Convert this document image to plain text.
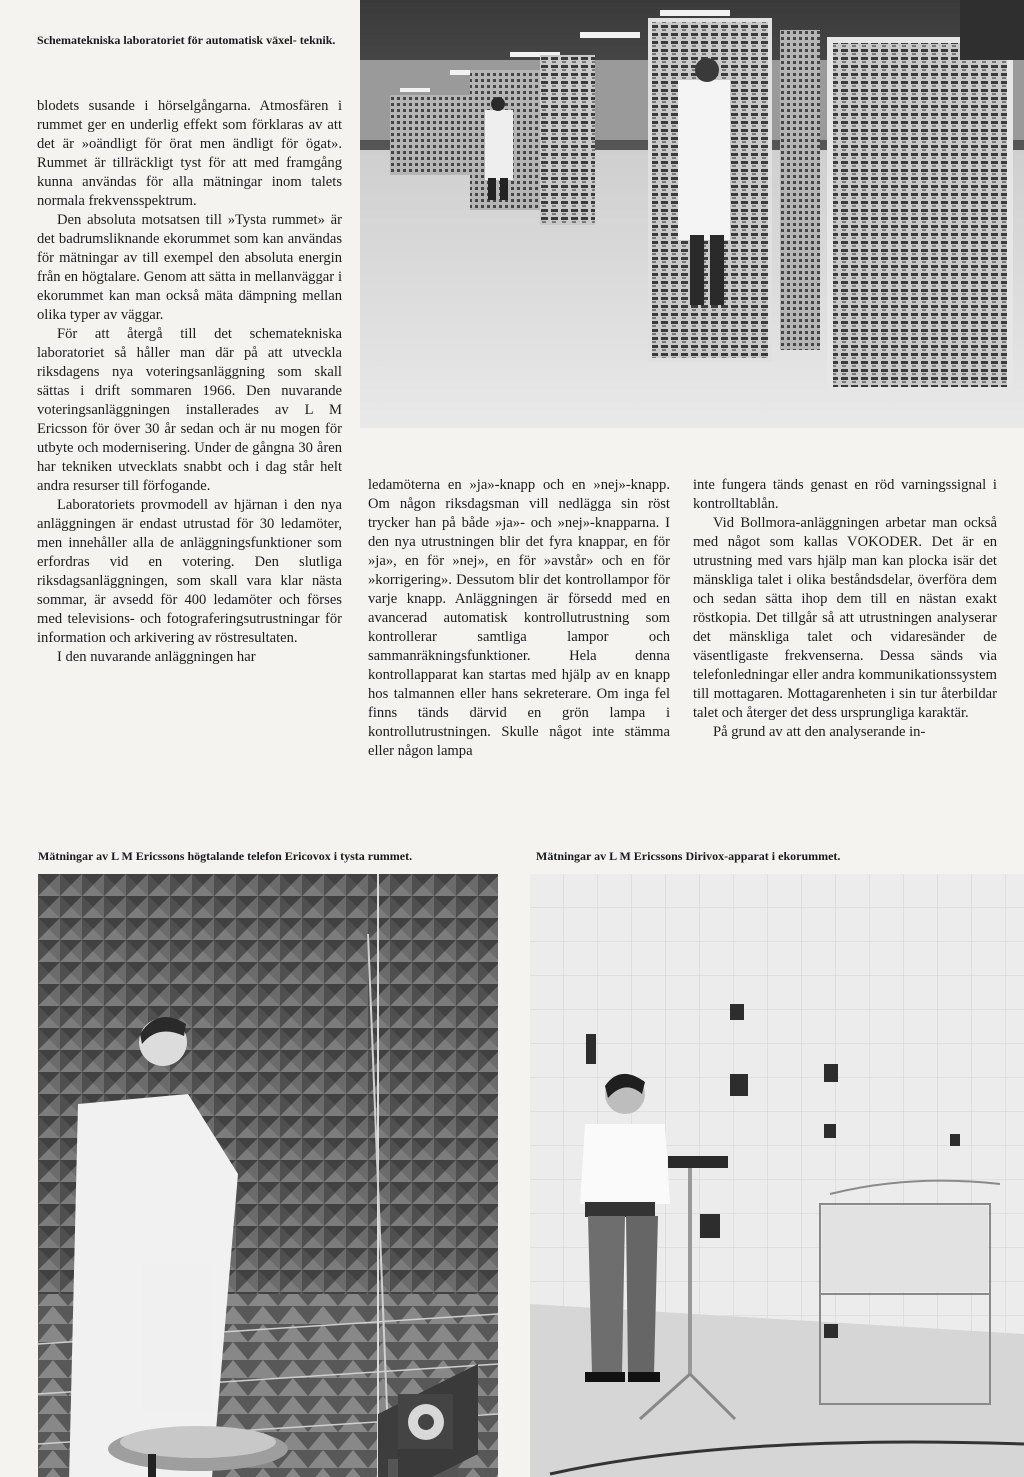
Schematekniska laboratoriet för automatisk växel- teknik.

blodets susande i hörselgångarna. Atmosfären i rummet ger en underlig effekt som förklaras av att det är »oändligt för örat men ändligt för ögat». Rummet är tillräckligt tyst för att med framgång kunna användas för alla mätningar inom talets normala frekvensspektrum.

Den absoluta motsatsen till »Tysta rummet» är det badrumsliknande ekorummet som kan användas för mätningar av till exempel den absoluta energin från en högtalare. Genom att sätta in mellanväggar i ekorummet kan man också mäta dämpning mellan olika typer av väggar.

För att återgå till det schematekniska laboratoriet så håller man där på att utveckla riksdagens nya voteringsanläggning som skall sättas i drift sommaren 1966. Den nuvarande voteringsanläggningen installerades av L M Ericsson för över 30 år sedan och är nu mogen för utbyte och modernisering. Under de gångna 30 åren har tekniken utvecklats snabbt och i dag står helt andra resurser till förfogande.

Laboratoriets provmodell av hjärnan i den nya anläggningen är endast utrustad för 30 ledamöter, men innehåller alla de anläggningsfunktioner som erfordras vid en votering. Den slutliga riksdagsanläggningen, som skall vara klar nästa sommar, är avsedd för 400 ledamöter och förses med televisions- och fotograferingsutrustningar för information och arkivering av röstresultaten.

I den nuvarande anläggningen har

ledamöterna en »ja»-knapp och en »nej»-knapp. Om någon riksdagsman vill nedlägga sin röst trycker han på både »ja»- och »nej»-knapparna. I den nya utrustningen blir det fyra knappar, en för »ja», en för »nej», en för »avstår» och en för »korrigering». Dessutom blir det kontrollampor för varje knapp. Anläggningen är försedd med en avancerad automatisk kontrollutrustning som kontrollerar samtliga lampor och sammanräkningsfunktioner. Hela denna kontrollapparat kan startas med hjälp av en knapp hos talmannen eller hans sekreterare. Om inga fel finns tänds därvid en grön lampa i kontrollutrustningen. Skulle något inte stämma eller någon lampa

inte fungera tänds genast en röd varningssignal i kontrolltablån.

Vid Bollmora-anläggningen arbetar man också med något som kallas VOKODER. Det är en utrustning med vars hjälp man kan plocka isär det mänskliga talet i olika beståndsdelar, överföra dem och sedan sätta ihop dem till en nästan exakt röstkopia. Det tillgår så att utrustningen analyserar det mänskliga talet och vidaresänder de väsentligaste frekvenserna. Dessa sänds via telefonledningar eller andra kommunikationssystem till mottagaren. Mottagarenheten i sin tur återbildar talet och återger det dess ursprungliga karaktär.

På grund av att den analyserande in-

Mätningar av L M Ericssons högtalande telefon Ericovox i tysta rummet.	Mätningar av L M Ericssons Dirivox-apparat i ekorummet.
